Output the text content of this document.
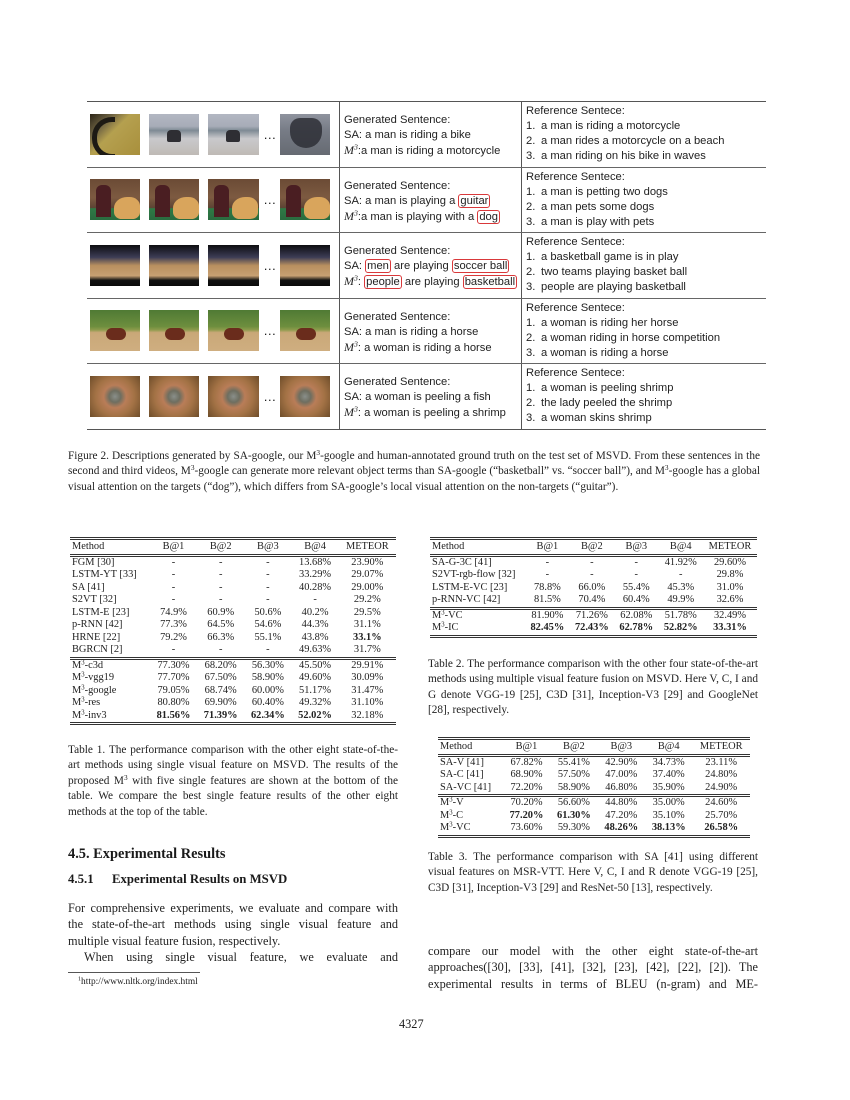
…
Generated Sentence:
SA: a man is riding a bike
$M^3:a$ man is riding a motorcycle
Reference Sentece:
1. a man is riding a motorcycle
2. a man rides a motorcycle on a beach
3. a man riding on his bike in waves
…
Generated Sentence:
SA: a man is playing a guitar
$M^3:a$ man is playing with a dog
Reference Sentece:
1. a man is petting two dogs
2. a man pets some dogs
3. a man is play with pets
…
Generated Sentence:
SA: men are playing soccer ball
$M^3$: people are playing basketball
Reference Sentece:
1. a basketball game is in play
2. two teams playing basket ball
3. people are playing basketball
…
Generated Sentence:
SA: a man is riding a horse
$M^3$: a woman is riding a horse
Reference Sentece:
1. a woman is riding her horse
2. a woman riding in horse competition
3. a woman is riding a horse
…
Generated Sentence:
SA: a woman is peeling a fish
$M^3$: a woman is peeling a shrimp
Reference Sentece:
1. a woman is peeling shrimp
2. the lady peeled the shrimp
3. a woman skins shrimp
Figure 2. Descriptions generated by SA-google, our $M^3$-google and human-annotated ground truth on the test set of MSVD. From these sentences in the second and third videos, $M^3$-google can generate more relevant object terms than SA-google (“basketball” vs. “soccer ball”), and $M^3$-google has a global visual attention on the targets (“dog”), which differs from SA-google’s local visual attention on the non-targets (“guitar”).
Method	B@1	B@2	B@3	B@4	METEOR
FGM [30]	-	-	-	13.68%	23.90%
LSTM-YT [33]	-	-	-	33.29%	29.07%
SA [41]	-	-	-	40.28%	29.00%
S2VT [32]	-	-	-	-	29.2%
LSTM-E [23]	74.9%	60.9%	50.6%	40.2%	29.5%
p-RNN [42]	77.3%	64.5%	54.6%	44.3%	31.1%
HRNE [22]	79.2%	66.3%	55.1%	43.8%	33.1%
BGRCN [2]	-	-	-	49.63%	31.7%
$M^3-c3d$	77.30%	68.20%	56.30%	45.50%	29.91%
$M^3-vgg19$	77.70%	67.50%	58.90%	49.60%	30.09%
$M^3$-google	79.05%	68.74%	60.00%	51.17%	31.47%
$M^3$-res	80.80%	69.90%	60.40%	49.32%	31.10%
$M^3-inv3$	81.56%	71.39%	62.34%	52.02%	32.18%
Table 1. The performance comparison with the other eight state-of-the-art methods using single visual feature on MSVD. The results of the proposed $M^3$ with five single features are shown at the bottom of the table. We compare the best single feature results of the other eight methods at the top of the table.
Method	B@1	B@2	B@3	B@4	METEOR
SA-G-3C [41]	-	-	-	41.92%	29.60%
S2VT-rgb-flow [32]	-	-	-	-	29.8%
LSTM-E-VC [23]	78.8%	66.0%	55.4%	45.3%	31.0%
p-RNN-VC [42]	81.5%	70.4%	60.4%	49.9%	32.6%
$M^3-VC$	81.90%	71.26%	62.08%	51.78%	32.49%
$M^3-IC$	82.45%	72.43%	62.78%	52.82%	33.31%
Table 2. The performance comparison with the other four state-of-the-art methods using multiple visual feature fusion on MSVD. Here V, C, I and G denote VGG-19 [25], C3D [31], Inception-V3 [29] and GoogleNet [28], respectively.
Method	B@1	B@2	B@3	B@4	METEOR
SA-V [41]	67.82%	55.41%	42.90%	34.73%	23.11%
SA-C [41]	68.90%	57.50%	47.00%	37.40%	24.80%
SA-VC [41]	72.20%	58.90%	46.80%	35.90%	24.90%
$M^3-V$	70.20%	56.60%	44.80%	35.00%	24.60%
$M^3-C$	77.20%	61.30%	47.20%	35.10%	25.70%
$M^3-VC$	73.60%	59.30%	48.26%	38.13%	26.58%
Table 3. The performance comparison with SA [41] using different visual features on MSR-VTT. Here V, C, I and R denote VGG-19 [25], C3D [31], Inception-V3 [29] and ResNet-50 [13], respectively.
4.5. Experimental Results
4.5.1 Experimental Results on MSVD

For comprehensive experiments, we evaluate and compare with the state-of-the-art methods using single visual feature and multiple visual feature fusion, respectively.

When using single visual feature, we evaluate and

$^1$http://www.nltk.org/index.html

compare our model with the other eight state-of-the-art approaches([30], [33], [41], [32], [23], [42], [22], [2]). The experimental results in terms of BLEU (n-gram) and ME-

4327
